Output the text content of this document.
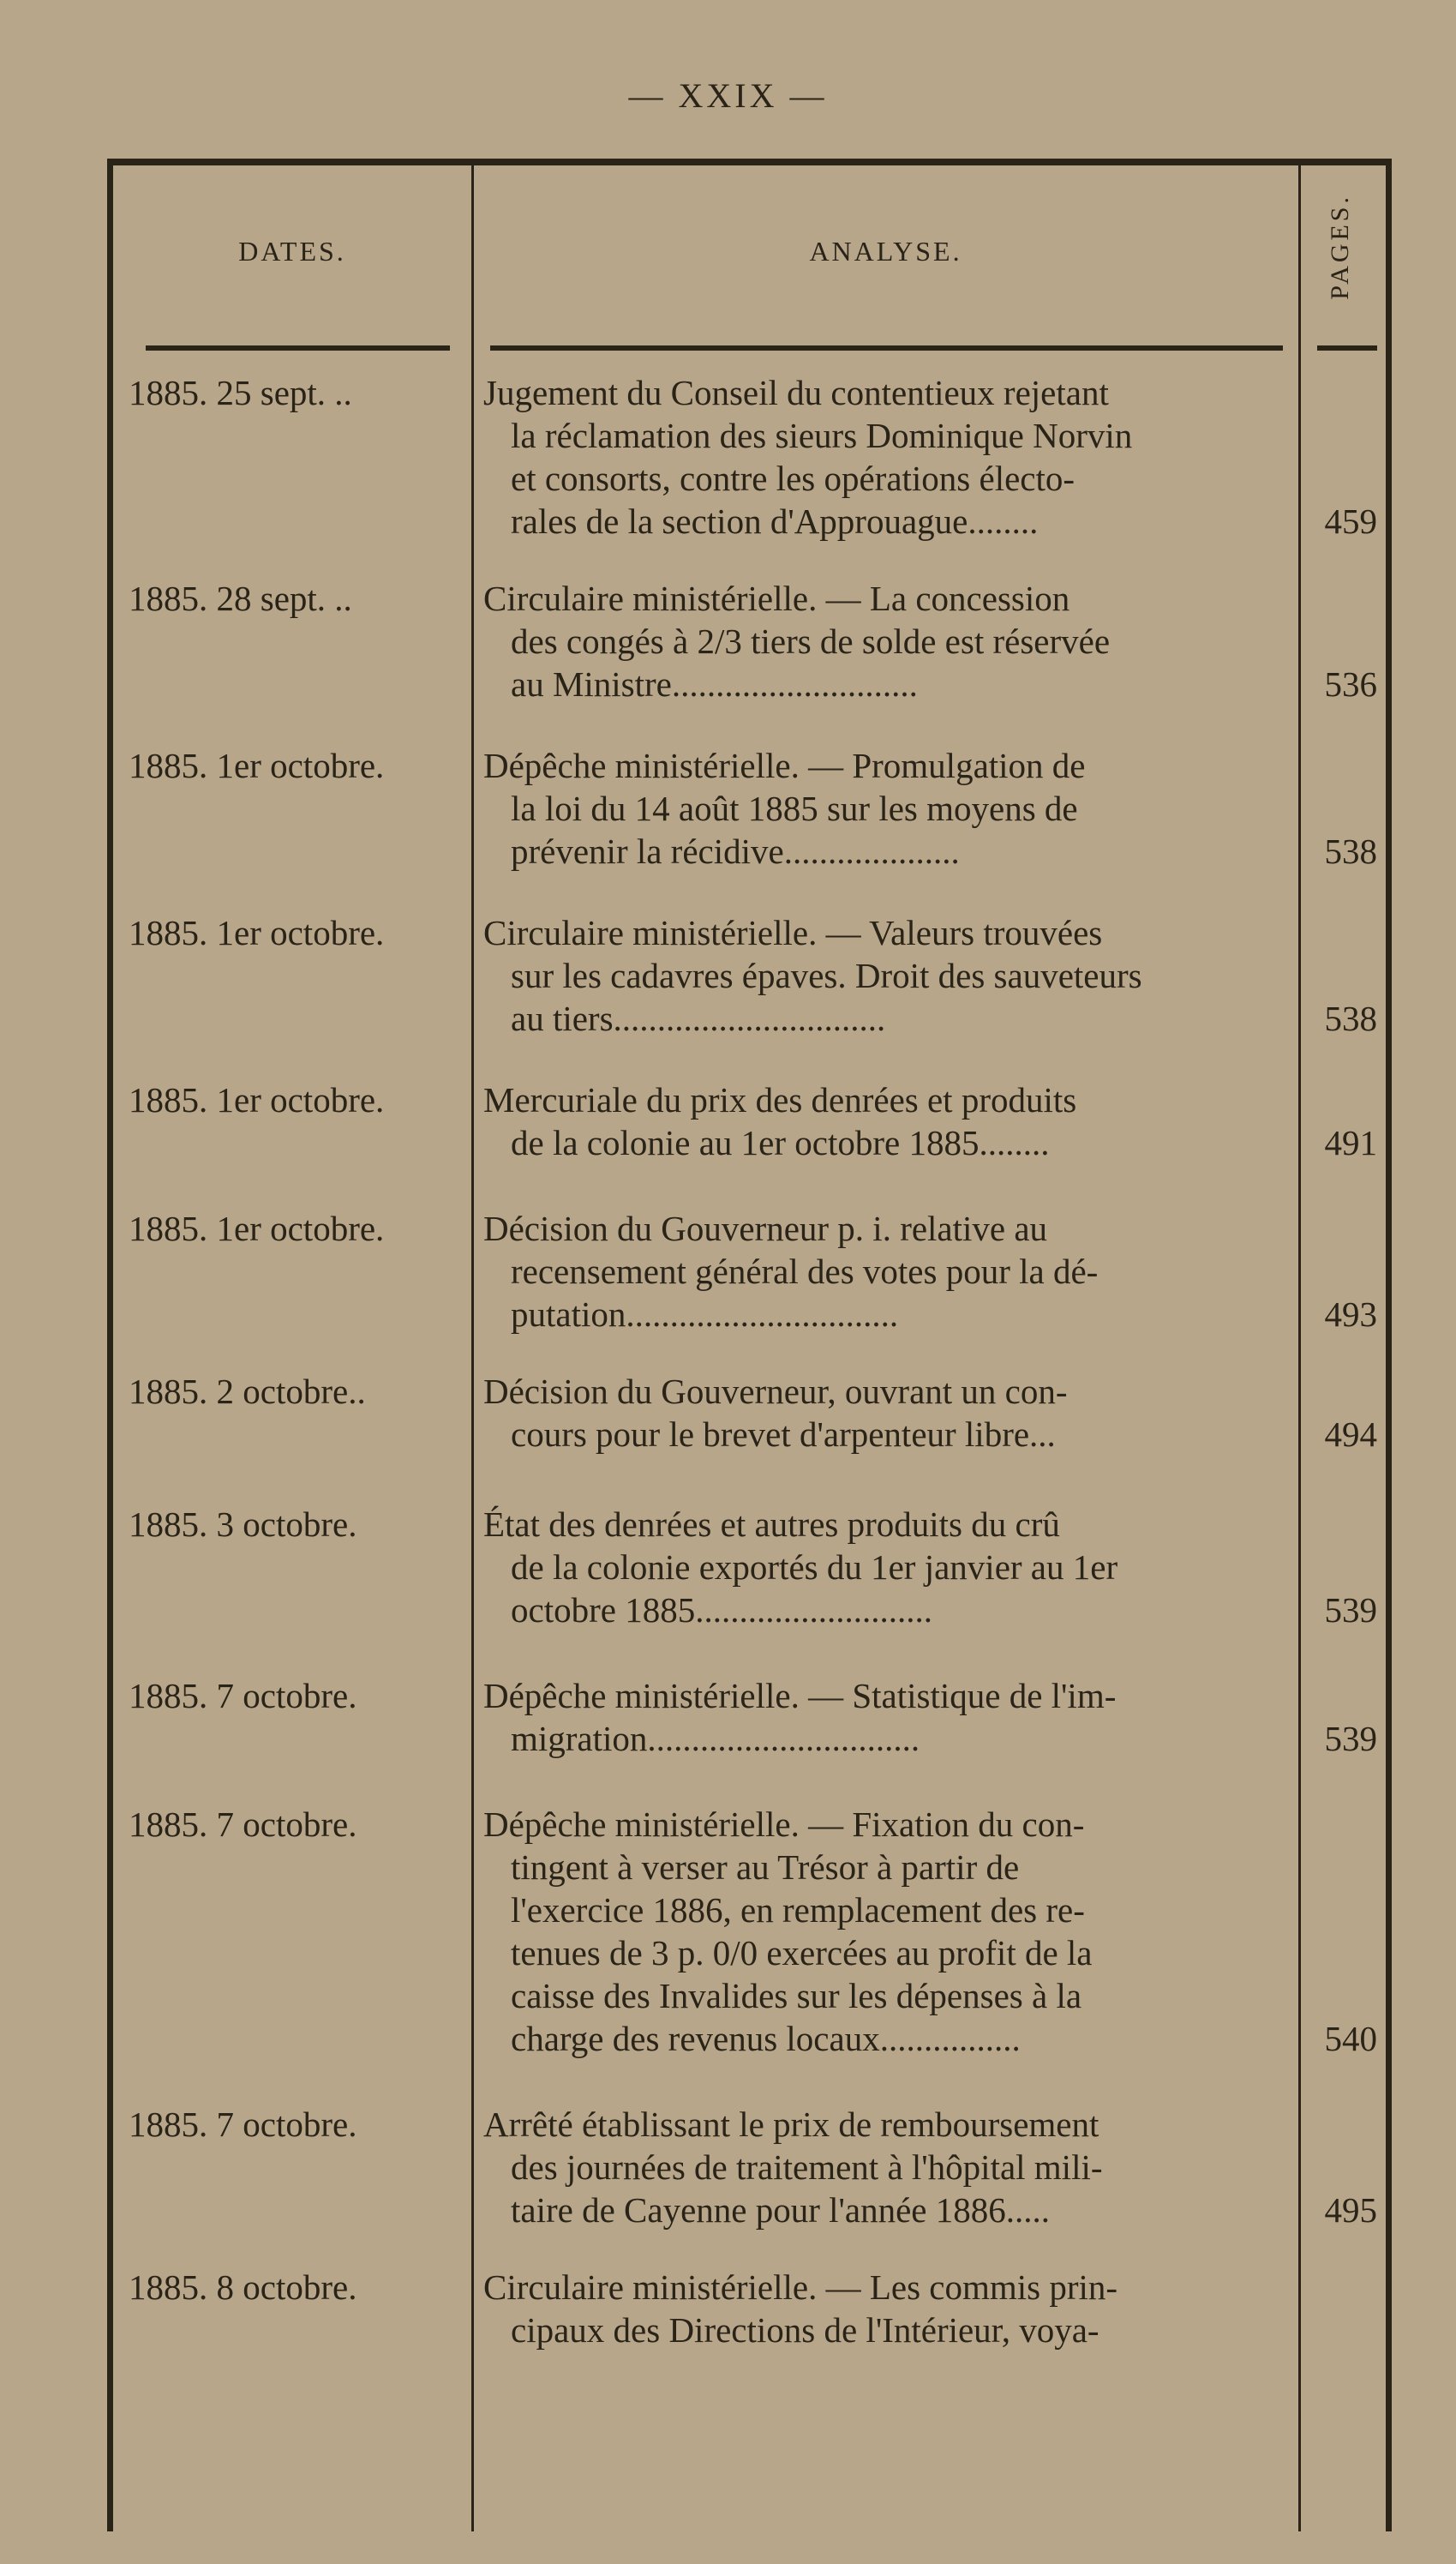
— XXIX —
DATES.	ANALYSE.	PAGES.
1885. 25 sept. ..	Jugement du Conseil du contentieux rejetant
la réclamation des sieurs Dominique Norvin
et consorts, contre les opérations électo-
rales de la section d'Approuague........	459
1885. 28 sept. ..	Circulaire ministérielle. — La concession
des congés à 2/3 tiers de solde est réservée
au Ministre............................	536
1885. 1er octobre.	Dépêche ministérielle. — Promulgation de
la loi du 14 août 1885 sur les moyens de
prévenir la récidive....................	538
1885. 1er octobre.	Circulaire ministérielle. — Valeurs trouvées
sur les cadavres épaves. Droit des sauveteurs
au tiers...............................	538
1885. 1er octobre.	Mercuriale du prix des denrées et produits
de la colonie au 1er octobre 1885........	491
1885. 1er octobre.	Décision du Gouverneur p. i. relative au
recensement général des votes pour la dé-
putation...............................	493
1885. 2 octobre..	Décision du Gouverneur, ouvrant un con-
cours pour le brevet d'arpenteur libre...	494
1885. 3 octobre.	État des denrées et autres produits du crû
de la colonie exportés du 1er janvier au 1er
octobre 1885...........................	539
1885. 7 octobre.	Dépêche ministérielle. — Statistique de l'im-
migration...............................	539
1885. 7 octobre.	Dépêche ministérielle. — Fixation du con-
tingent à verser au Trésor à partir de
l'exercice 1886, en remplacement des re-
tenues de 3 p. 0/0 exercées au profit de la
caisse des Invalides sur les dépenses à la
charge des revenus locaux................	540
1885. 7 octobre.	Arrêté établissant le prix de remboursement
des journées de traitement à l'hôpital mili-
taire de Cayenne pour l'année 1886.....	495
1885. 8 octobre.	Circulaire ministérielle. — Les commis prin-
cipaux des Directions de l'Intérieur, voya-
